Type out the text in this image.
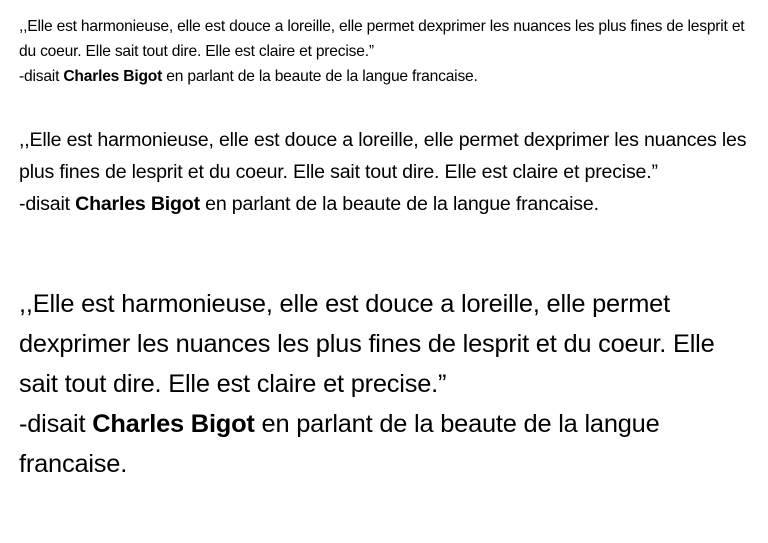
,,Elle est harmonieuse, elle est douce a loreille, elle permet dexprimer les nuances les plus fines de lesprit et du coeur. Elle sait tout dire. Elle est claire et precise.”

-disait Charles Bigot en parlant de la beaute de la langue francaise.

,,Elle est harmonieuse, elle est douce a loreille, elle permet dexprimer les nuances les plus fines de lesprit et du coeur. Elle sait tout dire. Elle est claire et precise.”

-disait Charles Bigot en parlant de la beaute de la langue francaise.

,,Elle est harmonieuse, elle est douce a loreille, elle permet dexprimer les nuances les plus fines de lesprit et du coeur. Elle sait tout dire. Elle est claire et precise.”

-disait Charles Bigot en parlant de la beaute de la langue francaise.
